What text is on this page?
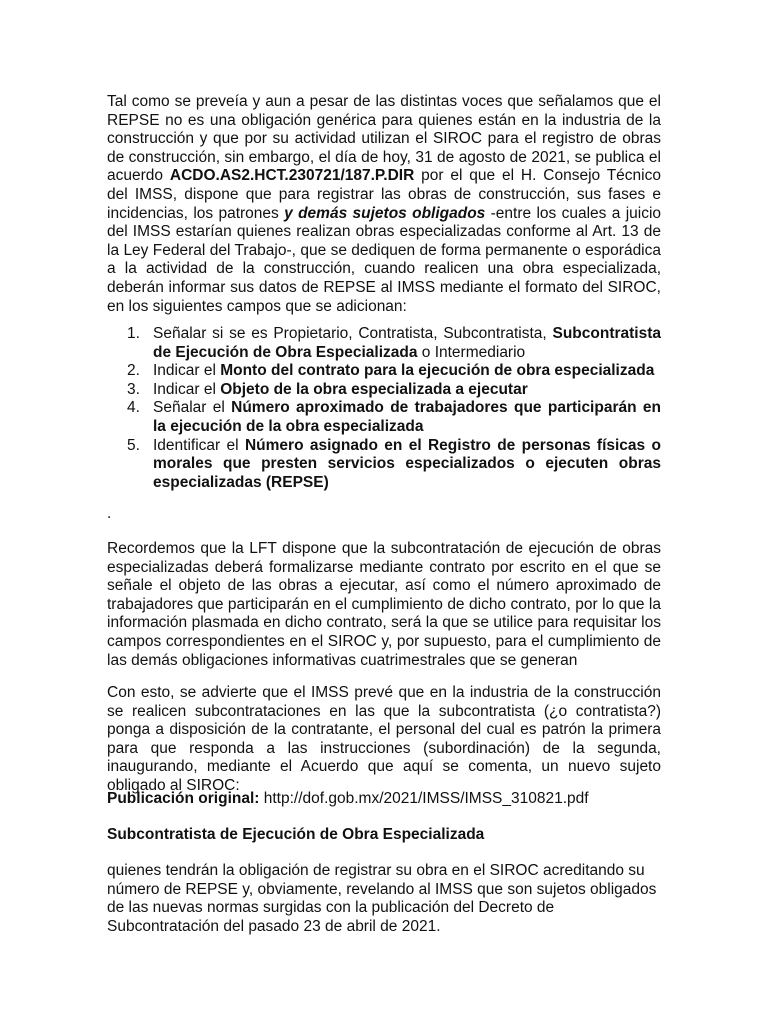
Tal como se preveía y aun a pesar de las distintas voces que señalamos que el REPSE no es una obligación genérica para quienes están en la industria de la construcción y que por su actividad utilizan el SIROC para el registro de obras de construcción, sin embargo, el día de hoy, 31 de agosto de 2021, se publica el acuerdo ACDO.AS2.HCT.230721/187.P.DIR por el que el H. Consejo Técnico del IMSS, dispone que para registrar las obras de construcción, sus fases e incidencias, los patrones y demás sujetos obligados -entre los cuales a juicio del IMSS estarían quienes realizan obras especializadas conforme al Art. 13 de la Ley Federal del Trabajo-, que se dediquen de forma permanente o esporádica a la actividad de la construcción, cuando realicen una obra especializada, deberán informar sus datos de REPSE al IMSS mediante el formato del SIROC, en los siguientes campos que se adicionan:

1. Señalar si se es Propietario, Contratista, Subcontratista, Subcontratista de Ejecución de Obra Especializada o Intermediario
2. Indicar el Monto del contrato para la ejecución de obra especializada
3. Indicar el Objeto de la obra especializada a ejecutar
4. Señalar el Número aproximado de trabajadores que participarán en la ejecución de la obra especializada
5. Identificar el Número asignado en el Registro de personas físicas o morales que presten servicios especializados o ejecuten obras especializadas (REPSE)

.

Recordemos que la LFT dispone que la subcontratación de ejecución de obras especializadas deberá formalizarse mediante contrato por escrito en el que se señale el objeto de las obras a ejecutar, así como el número aproximado de trabajadores que participarán en el cumplimiento de dicho contrato, por lo que la información plasmada en dicho contrato, será la que se utilice para requisitar los campos correspondientes en el SIROC y, por supuesto, para el cumplimiento de las demás obligaciones informativas cuatrimestrales que se generan

Con esto, se advierte que el IMSS prevé que en la industria de la construcción se realicen subcontrataciones en las que la subcontratista (¿o contratista?) ponga a disposición de la contratante, el personal del cual es patrón la primera para que responda a las instrucciones (subordinación) de la segunda, inaugurando, mediante el Acuerdo que aquí se comenta, un nuevo sujeto obligado al SIROC:

Publicación original: http://dof.gob.mx/2021/IMSS/IMSS_310821.pdf

Subcontratista de Ejecución de Obra Especializada

quienes tendrán la obligación de registrar su obra en el SIROC acreditando su número de REPSE y, obviamente, revelando al IMSS que son sujetos obligados de las nuevas normas surgidas con la publicación del Decreto de Subcontratación del pasado 23 de abril de 2021.
